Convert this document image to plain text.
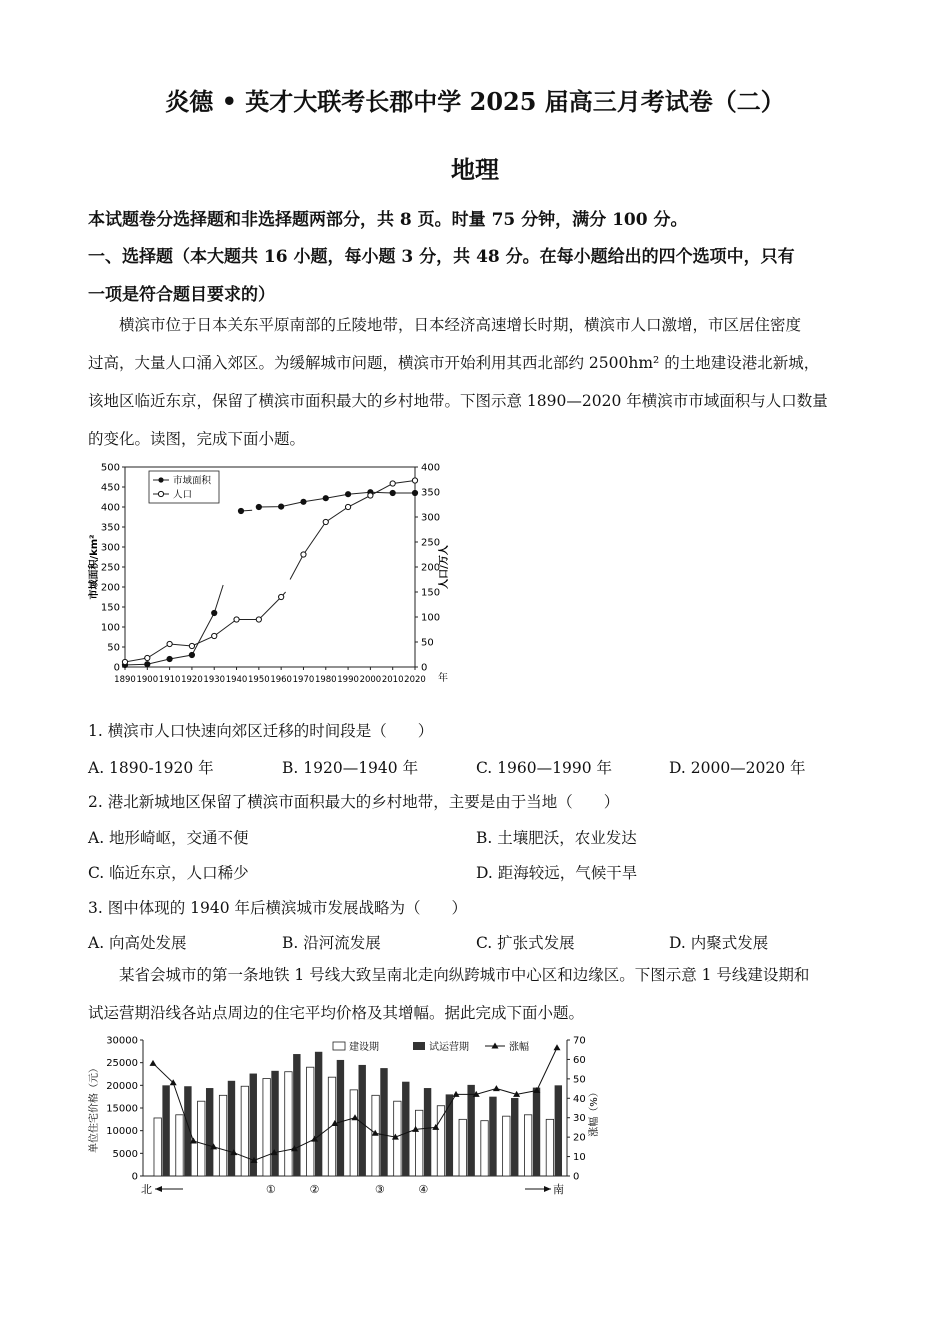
炎德 • 英才大联考长郡中学 2025 届高三月考试卷（二）
地理
本试题卷分选择题和非选择题两部分，共 8 页。时量 75 分钟，满分 100 分。
一、选择题（本大题共 16 小题，每小题 3 分，共 48 分。在每小题给出的四个选项中，只有
一项是符合题目要求的）
横滨市位于日本关东平原南部的丘陵地带，日本经济高速增长时期，横滨市人口激增，市区居住密度
过高，大量人口涌入郊区。为缓解城市问题，横滨市开始利用其西北部约 2500hm² 的土地建设港北新城，
该地区临近东京，保留了横滨市面积最大的乡村地带。下图示意 1890—2020 年横滨市市域面积与人口数量
的变化。读图，完成下面小题。
0
50
100
150
200
250
300
350
400
450
500
0
50
100
150
200
250
300
350
400
1890 1900 1910 1920 1930 1940 1950 1960 1970 1980 1990 2000 2010 2020
市域面积/km²	人口/万人
年
市域面积
人口
1. 横滨市人口快速向郊区迁移的时间段是（　　）
A. 1890-1920 年	B. 1920—1940 年	C. 1960—1990 年	D. 2000—2020 年
2. 港北新城地区保留了横滨市面积最大的乡村地带，主要是由于当地（　　）
A. 地形崎岖，交通不便	B. 土壤肥沃，农业发达
C. 临近东京，人口稀少	D. 距海较远，气候干旱
3. 图中体现的 1940 年后横滨城市发展战略为（　　）
A. 向高处发展	B. 沿河流发展	C. 扩张式发展	D. 内聚式发展
某省会城市的第一条地铁 1 号线大致呈南北走向纵跨城市中心区和边缘区。下图示意 1 号线建设期和
试运营期沿线各站点周边的住宅平均价格及其增幅。据此完成下面小题。
0
5000
10000
15000
20000
25000
30000
0
10
20
30
40
50
60
70
①	②	③	④
单位住宅价格（元）	涨幅（%）
建设期	试运营期	涨幅
北	南
